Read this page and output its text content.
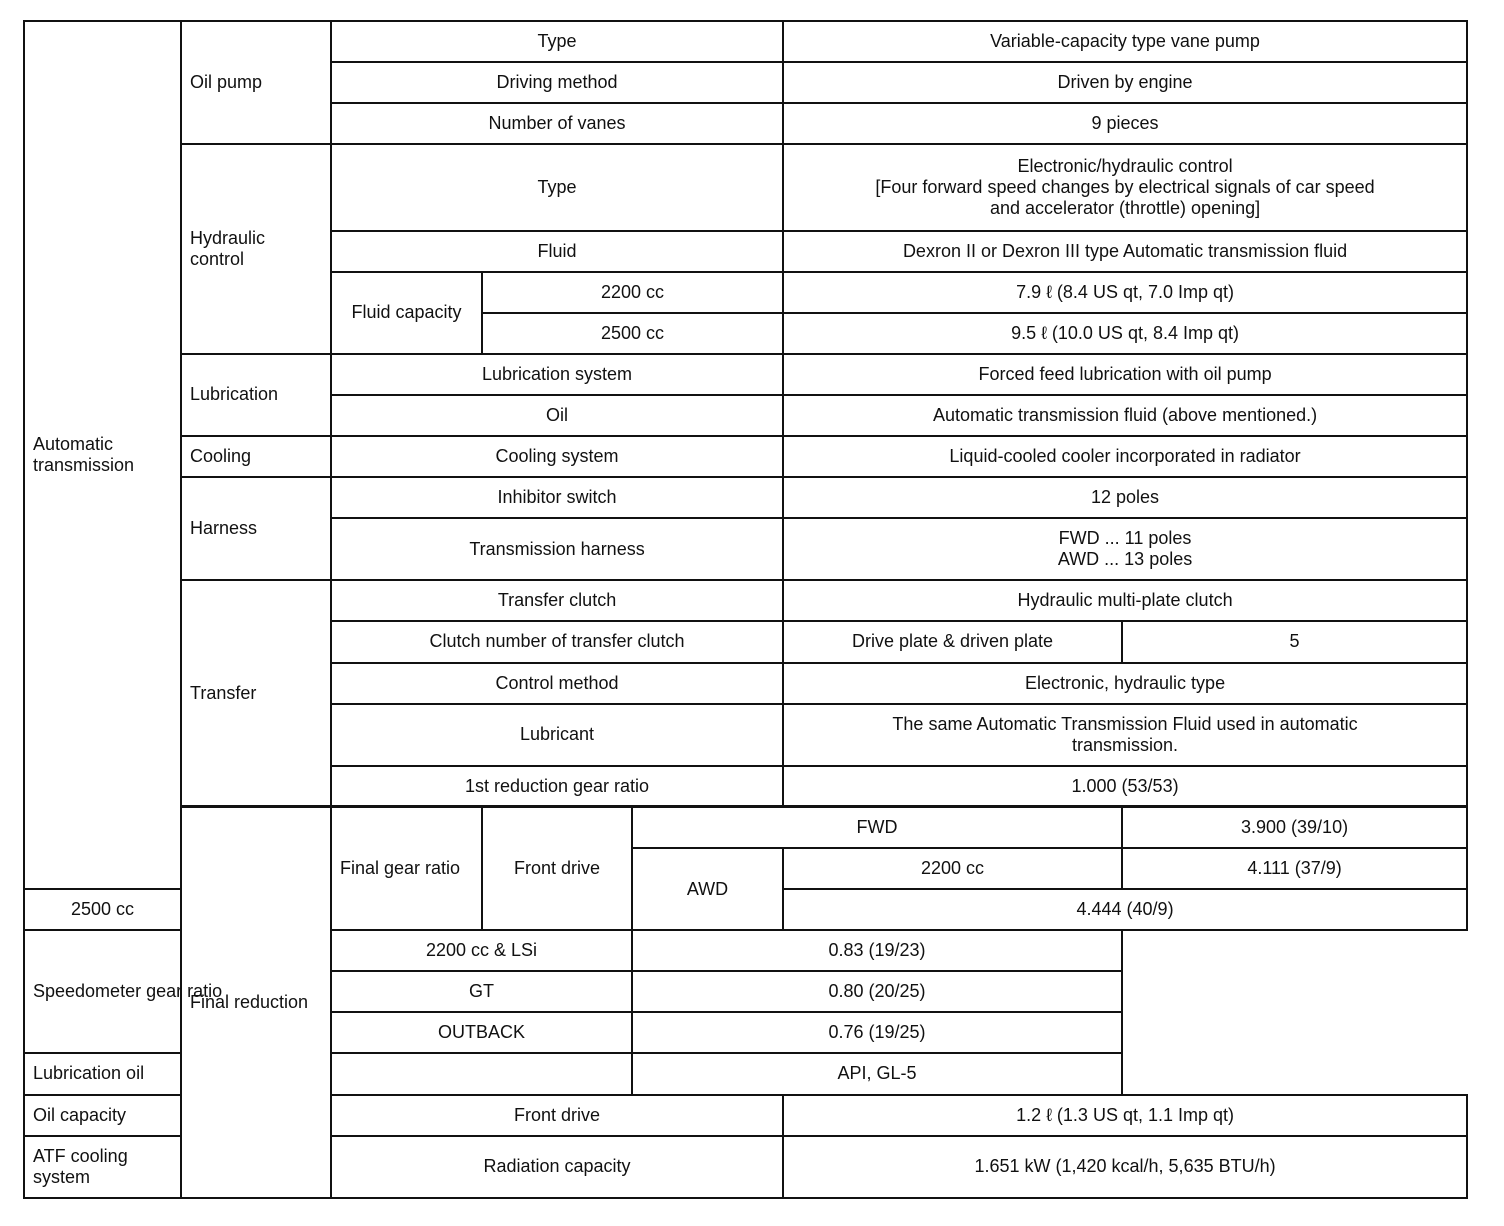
Automatic transmission	Oil pump	Type			Variable-capacity type vane pump	
		Driving method			Driven by engine	
		Number of vanes			9 pieces	
	Hydraulic control	Type			Electronic/hydraulic control
[Four forward speed changes by electrical signals of car speed
and accelerator (throttle) opening]	

		Fluid			Dexron II or Dexron III type Automatic transmission fluid	
		Fluid capacity	2200 cc		7.9 ℓ (8.4 US qt, 7.0 Imp qt)	
			2500 cc		9.5 ℓ (10.0 US qt, 8.4 Imp qt)	
	Lubrication	Lubrication system			Forced feed lubrication with oil pump	
		Oil			Automatic transmission fluid (above mentioned.)	
	Cooling	Cooling system			Liquid-cooled cooler incorporated in radiator	
	Harness	Inhibitor switch			12 poles	
		Transmission harness			FWD ... 11 poles
AWD ... 13 poles	

	Transfer	Transfer clutch			Hydraulic multi-plate clutch	
		Clutch number of transfer clutch			Drive plate & driven plate	5
		Control method			Electronic, hydraulic type	
		Lubricant			The same Automatic Transmission Fluid used in automatic
transmission.	

		1st reduction gear ratio			1.000 (53/53)	
	Final reduction	Final gear ratio	Front drive	FWD		3.900 (39/10)
				AWD	2200 cc	4.111 (37/9)
2500 cc					4.444 (40/9)	
Speedometer gear ratio		2200 cc & LSi		0.83 (19/23)		
		GT		0.80 (20/25)		
		OUTBACK		0.76 (19/25)		
Lubrication oil				API, GL-5		
Oil capacity		Front drive			1.2 ℓ (1.3 US qt, 1.1 Imp qt)	
ATF cooling system		Radiation capacity			1.651 kW (1,420 kcal/h, 5,635 BTU/h)	
